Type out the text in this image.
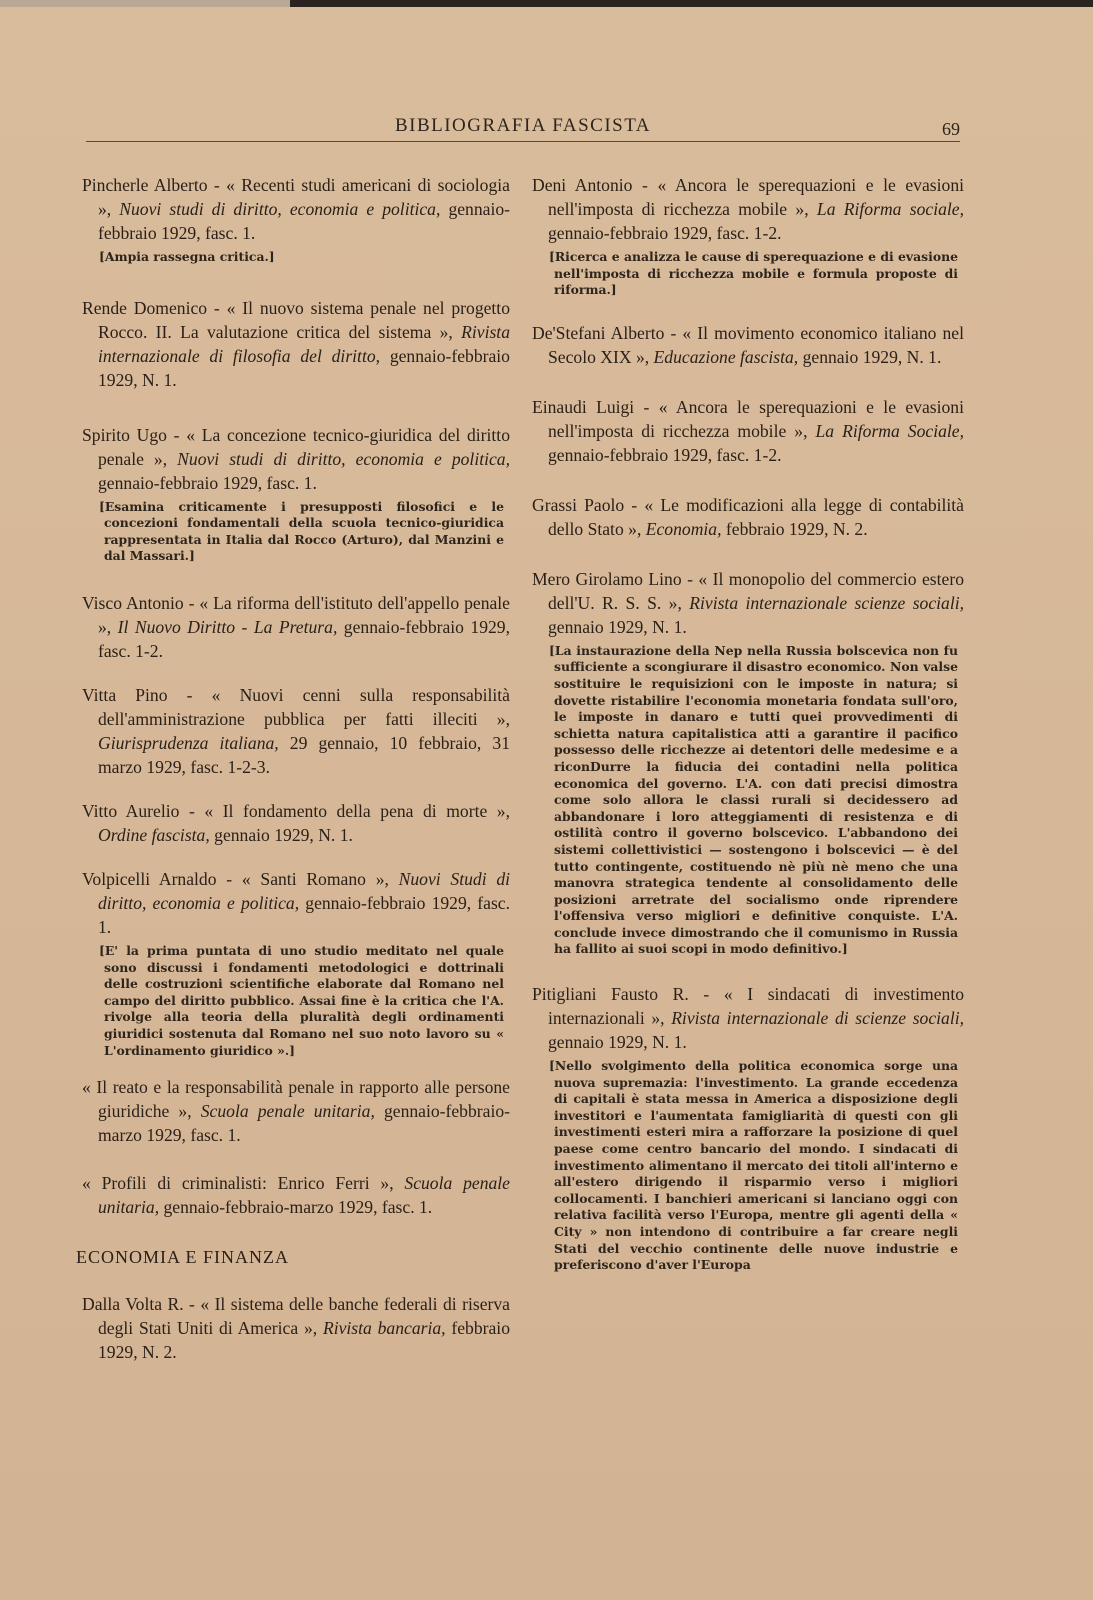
BIBLIOGRAFIA FASCISTA	69

Pincherle Alberto - « Recenti studi americani di sociologia », Nuovi studi di diritto, economia e politica, gennaio-febbraio 1929, fasc. 1.

[Ampia rassegna critica.]

Rende Domenico - « Il nuovo sistema penale nel progetto Rocco. II. La valutazione critica del sistema », Rivista internazionale di filosofia del diritto, gennaio-febbraio 1929, N. 1.

Spirito Ugo - « La concezione tecnico-giuridica del diritto penale », Nuovi studi di diritto, economia e politica, gennaio-febbraio 1929, fasc. 1.

[Esamina criticamente i presupposti filosofici e le concezioni fondamentali della scuola tecnico-giuridica rappresentata in Italia dal Rocco (Arturo), dal Manzini e dal Massari.]

Visco Antonio - « La riforma dell'istituto dell'appello penale », Il Nuovo Diritto - La Pretura, gennaio-febbraio 1929, fasc. 1-2.

Vitta Pino - « Nuovi cenni sulla responsabilità dell'amministrazione pubblica per fatti illeciti », Giurisprudenza italiana, 29 gennaio, 10 febbraio, 31 marzo 1929, fasc. 1-2-3.

Vitto Aurelio - « Il fondamento della pena di morte », Ordine fascista, gennaio 1929, N. 1.

Volpicelli Arnaldo - « Santi Romano », Nuovi Studi di diritto, economia e politica, gennaio-febbraio 1929, fasc. 1.

[E' la prima puntata di uno studio meditato nel quale sono discussi i fondamenti metodologici e dottrinali delle costruzioni scientifiche elaborate dal Romano nel campo del diritto pubblico. Assai fine è la critica che l'A. rivolge alla teoria della pluralità degli ordinamenti giuridici sostenuta dal Romano nel suo noto lavoro su « L'ordinamento giuridico ».]

« Il reato e la responsabilità penale in rapporto alle persone giuridiche », Scuola penale unitaria, gennaio-febbraio-marzo 1929, fasc. 1.

« Profili di criminalisti: Enrico Ferri », Scuola penale unitaria, gennaio-febbraio-marzo 1929, fasc. 1.

ECONOMIA E FINANZA

Dalla Volta R. - « Il sistema delle banche federali di riserva degli Stati Uniti di America », Rivista bancaria, febbraio 1929, N. 2.

Deni Antonio - « Ancora le sperequazioni e le evasioni nell'imposta di ricchezza mobile », La Riforma sociale, gennaio-febbraio 1929, fasc. 1-2.

[Ricerca e analizza le cause di sperequazione e di evasione nell'imposta di ricchezza mobile e formula proposte di riforma.]

De'Stefani Alberto - « Il movimento economico italiano nel Secolo XIX », Educazione fascista, gennaio 1929, N. 1.

Einaudi Luigi - « Ancora le sperequazioni e le evasioni nell'imposta di ricchezza mobile », La Riforma Sociale, gennaio-febbraio 1929, fasc. 1-2.

Grassi Paolo - « Le modificazioni alla legge di contabilità dello Stato », Economia, febbraio 1929, N. 2.

Mero Girolamo Lino - « Il monopolio del commercio estero dell'U. R. S. S. », Rivista internazionale scienze sociali, gennaio 1929, N. 1.

[La instaurazione della Nep nella Russia bolscevica non fu sufficiente a scongiurare il disastro economico. Non valse sostituire le requisizioni con le imposte in natura; si dovette ristabilire l'economia monetaria fondata sull'oro, le imposte in danaro e tutti quei provvedimenti di schietta natura capitalistica atti a garantire il pacifico possesso delle ricchezze ai detentori delle medesime e a riconDurre la fiducia dei contadini nella politica economica del governo. L'A. con dati precisi dimostra come solo allora le classi rurali si decidessero ad abbandonare i loro atteggiamenti di resistenza e di ostilità contro il governo bolscevico. L'abbandono dei sistemi collettivistici — sostengono i bolscevici — è del tutto contingente, costituendo nè più nè meno che una manovra strategica tendente al consolidamento delle posizioni arretrate del socialismo onde riprendere l'offensiva verso migliori e definitive conquiste. L'A. conclude invece dimostrando che il comunismo in Russia ha fallito ai suoi scopi in modo definitivo.]

Pitigliani Fausto R. - « I sindacati di investimento internazionali », Rivista internazionale di scienze sociali, gennaio 1929, N. 1.

[Nello svolgimento della politica economica sorge una nuova supremazia: l'investimento. La grande eccedenza di capitali è stata messa in America a disposizione degli investitori e l'aumentata famigliarità di questi con gli investimenti esteri mira a rafforzare la posizione di quel paese come centro bancario del mondo. I sindacati di investimento alimentano il mercato dei titoli all'interno e all'estero dirigendo il risparmio verso i migliori collocamenti. I banchieri americani si lanciano oggi con relativa facilità verso l'Europa, mentre gli agenti della « City » non intendono di contribuire a far creare negli Stati del vecchio continente delle nuove industrie e preferiscono d'aver l'Europa
